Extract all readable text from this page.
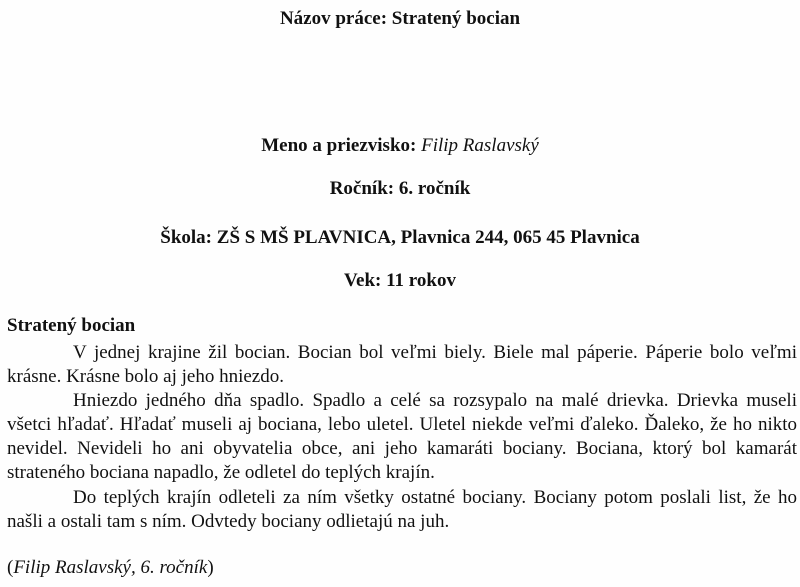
Názov práce: Stratený bocian
Meno a priezvisko: Filip Raslavský
Ročník: 6. ročník
Škola: ZŠ S MŠ PLAVNICA, Plavnica 244, 065 45 Plavnica
Vek: 11 rokov
Stratený bocian

V jednej krajine žil bocian. Bocian bol veľmi biely. Biele mal páperie. Páperie bolo veľmi krásne. Krásne bolo aj jeho hniezdo.

Hniezdo jedného dňa spadlo. Spadlo a celé sa rozsypalo na malé drievka. Drievka museli všetci hľadať. Hľadať museli aj bociana, lebo uletel. Uletel niekde veľmi ďaleko. Ďaleko, že ho nikto nevidel. Nevideli ho ani obyvatelia obce, ani jeho kamaráti bociany. Bociana, ktorý bol kamarát strateného bociana napadlo, že odletel do teplých krajín.

Do teplých krajín odleteli za ním všetky ostatné bociany. Bociany potom poslali list, že ho našli a ostali tam s ním. Odvtedy bociany odlietajú na juh.

(Filip Raslavský, 6. ročník)
